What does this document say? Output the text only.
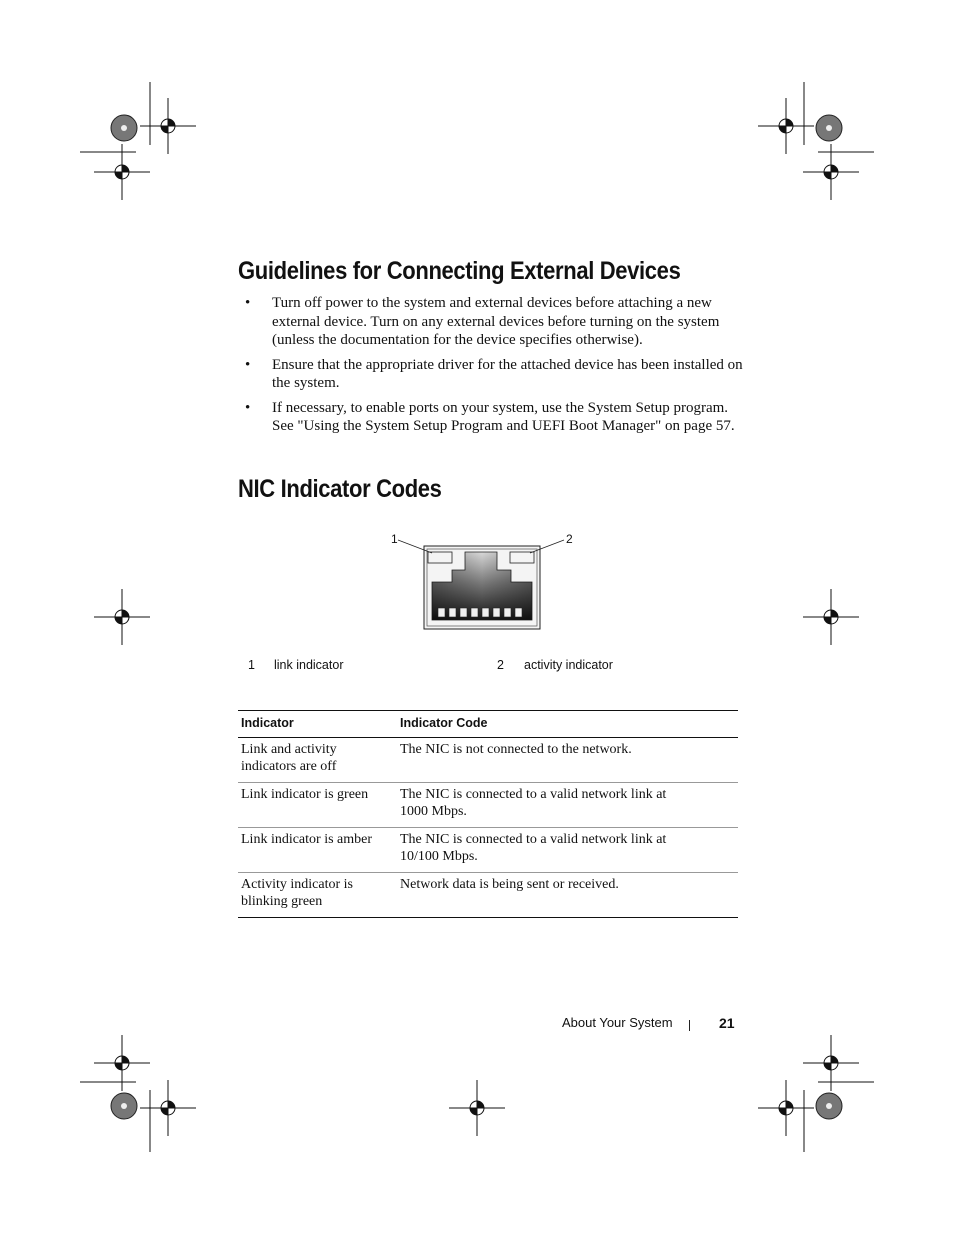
Guidelines for Connecting External Devices
• Turn off power to the system and external devices before attaching a new external device. Turn on any external devices before turning on the system (unless the documentation for the device specifies otherwise).
• Ensure that the appropriate driver for the attached device has been installed on the system.
• If necessary, to enable ports on your system, use the System Setup program. See "Using the System Setup Program and UEFI Boot Manager" on page 57.
NIC Indicator Codes
1	2
1 link indicator	2 activity indicator
Indicator	Indicator Code
Link and activity indicators are off	The NIC is not connected to the network.

Link indicator is green	The NIC is connected to a valid network link at 1000 Mbps.

Link indicator is amber	The NIC is connected to a valid network link at 10/100 Mbps.

Activity indicator is blinking green	Network data is being sent or received.
About Your System	21
